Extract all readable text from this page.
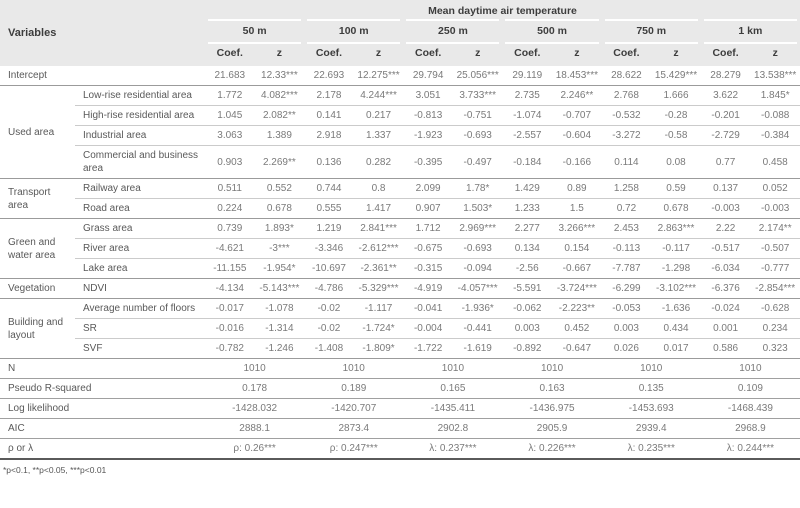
Variables		Mean daytime air temperature											

		50 m		100 m		250 m		500 m		750 m		1 km	

		Coef.	z	Coef.	z	Coef.	z	Coef.	z	Coef.	z	Coef.	z
Intercept		21.683	12.33***	22.693	12.275***	29.794	25.056***	29.119	18.453***	28.622	15.429***	28.279	13.538***
Used area	Low-rise residential area	1.772	4.082***	2.178	4.244***	3.051	3.733***	2.735	2.246**	2.768	1.666	3.622	1.845*
	High-rise residential area	1.045	2.082**	0.141	0.217	-0.813	-0.751	-1.074	-0.707	-0.532	-0.28	-0.201	-0.088
	Industrial area	3.063	1.389	2.918	1.337	-1.923	-0.693	-2.557	-0.604	-3.272	-0.58	-2.729	-0.384
	Commercial and business area	0.903	2.269**	0.136	0.282	-0.395	-0.497	-0.184	-0.166	0.114	0.08	0.77	0.458
Transport area	Railway area	0.511	0.552	0.744	0.8	2.099	1.78*	1.429	0.89	1.258	0.59	0.137	0.052
	Road area	0.224	0.678	0.555	1.417	0.907	1.503*	1.233	1.5	0.72	0.678	-0.003	-0.003
Green and water area	Grass area	0.739	1.893*	1.219	2.841***	1.712	2.969***	2.277	3.266***	2.453	2.863***	2.22	2.174**
	River area	-4.621	-3***	-3.346	-2.612***	-0.675	-0.693	0.134	0.154	-0.113	-0.117	-0.517	-0.507
	Lake area	-11.155	-1.954*	-10.697	-2.361**	-0.315	-0.094	-2.56	-0.667	-7.787	-1.298	-6.034	-0.777
Vegetation	NDVI	-4.134	-5.143***	-4.786	-5.329***	-4.919	-4.057***	-5.591	-3.724***	-6.299	-3.102***	-6.376	-2.854***
Building and layout	Average number of floors	-0.017	-1.078	-0.02	-1.117	-0.041	-1.936*	-0.062	-2.223**	-0.053	-1.636	-0.024	-0.628
	SR	-0.016	-1.314	-0.02	-1.724*	-0.004	-0.441	0.003	0.452	0.003	0.434	0.001	0.234
	SVF	-0.782	-1.246	-1.408	-1.809*	-1.722	-1.619	-0.892	-0.647	0.026	0.017	0.586	0.323
N		1010		1010		1010		1010		1010		1010	
Pseudo R-squared		0.178		0.189		0.165		0.163		0.135		0.109	
Log likelihood		-1428.032		-1420.707		-1435.411		-1436.975		-1453.693		-1468.439	
AIC		2888.1		2873.4		2902.8		2905.9		2939.4		2968.9	
ρ or λ		ρ: 0.26***		ρ: 0.247***		λ: 0.237***		λ: 0.226***		λ: 0.235***		λ: 0.244***	
*p<0.1, **p<0.05, ***p<0.01
